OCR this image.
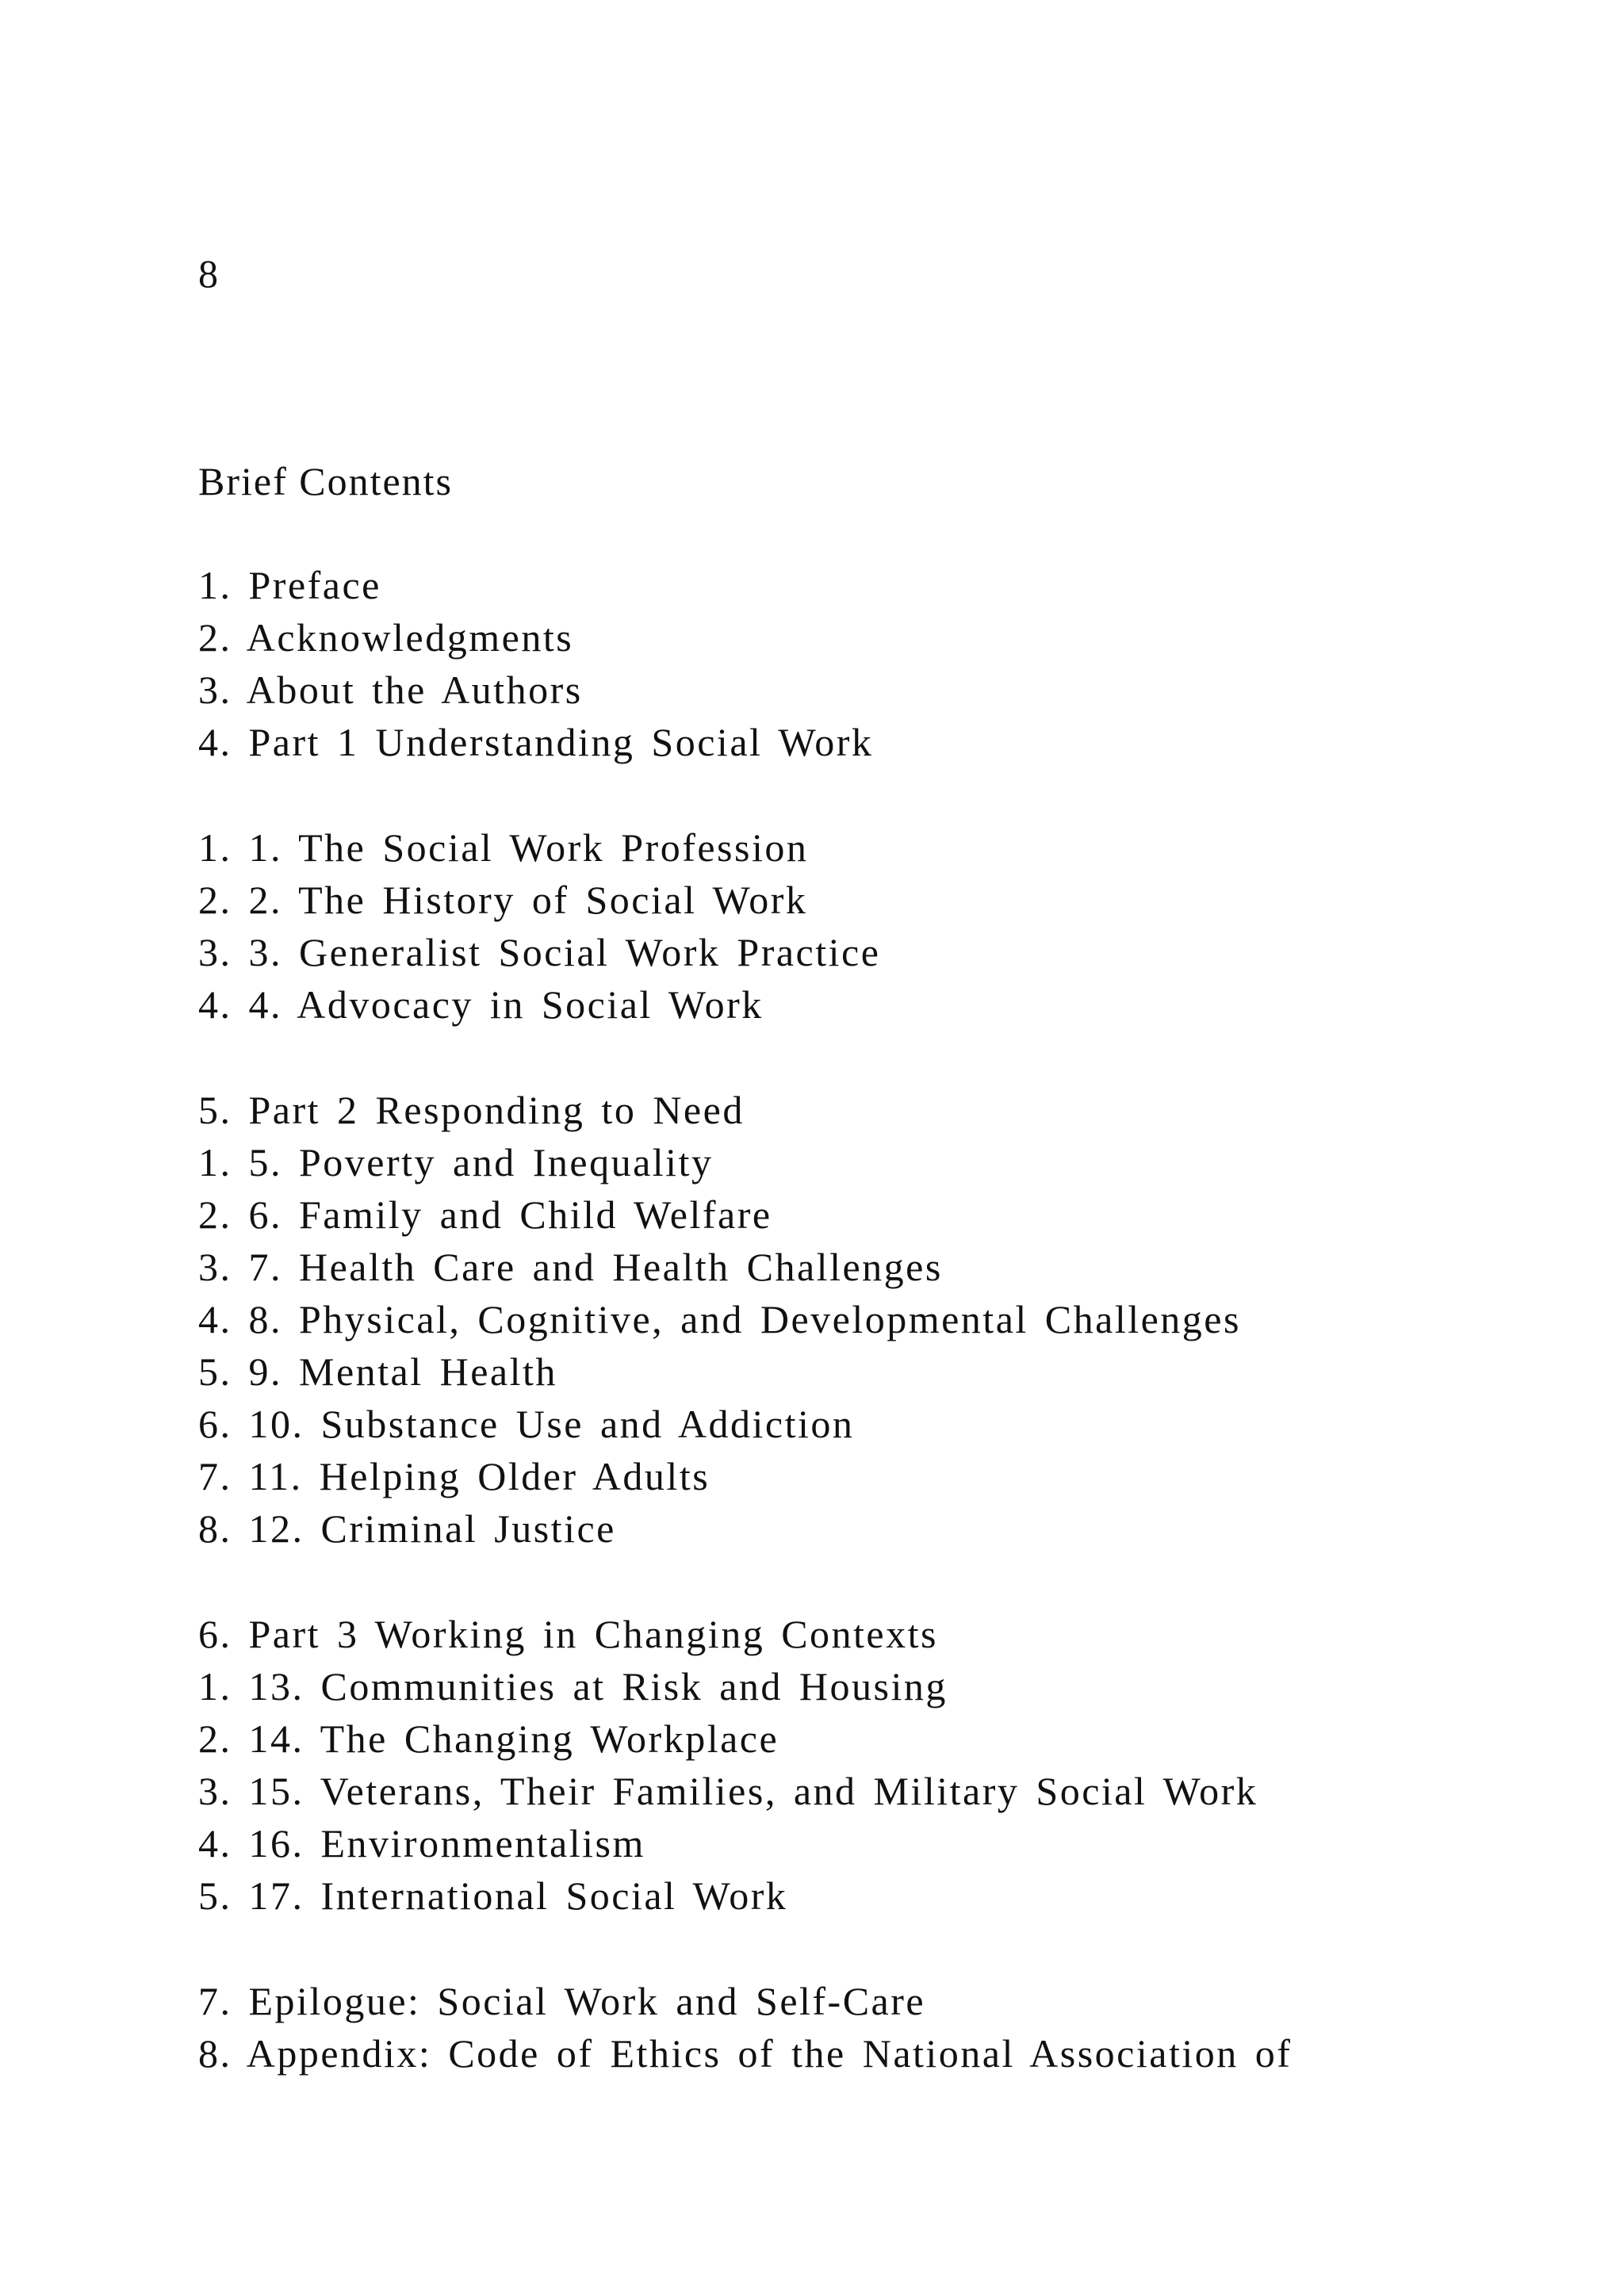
8
Brief Contents
1. Preface
2. Acknowledgments
3. About the Authors
4. Part 1 Understanding Social Work
1. 1. The Social Work Profession
2. 2. The History of Social Work
3. 3. Generalist Social Work Practice
4. 4. Advocacy in Social Work
5. Part 2 Responding to Need
1. 5. Poverty and Inequality
2. 6. Family and Child Welfare
3. 7. Health Care and Health Challenges
4. 8. Physical, Cognitive, and Developmental Challenges
5. 9. Mental Health
6. 10. Substance Use and Addiction
7. 11. Helping Older Adults
8. 12. Criminal Justice
6. Part 3 Working in Changing Contexts
1. 13. Communities at Risk and Housing
2. 14. The Changing Workplace
3. 15. Veterans, Their Families, and Military Social Work
4. 16. Environmentalism
5. 17. International Social Work
7. Epilogue: Social Work and Self-Care
8. Appendix: Code of Ethics of the National Association of
